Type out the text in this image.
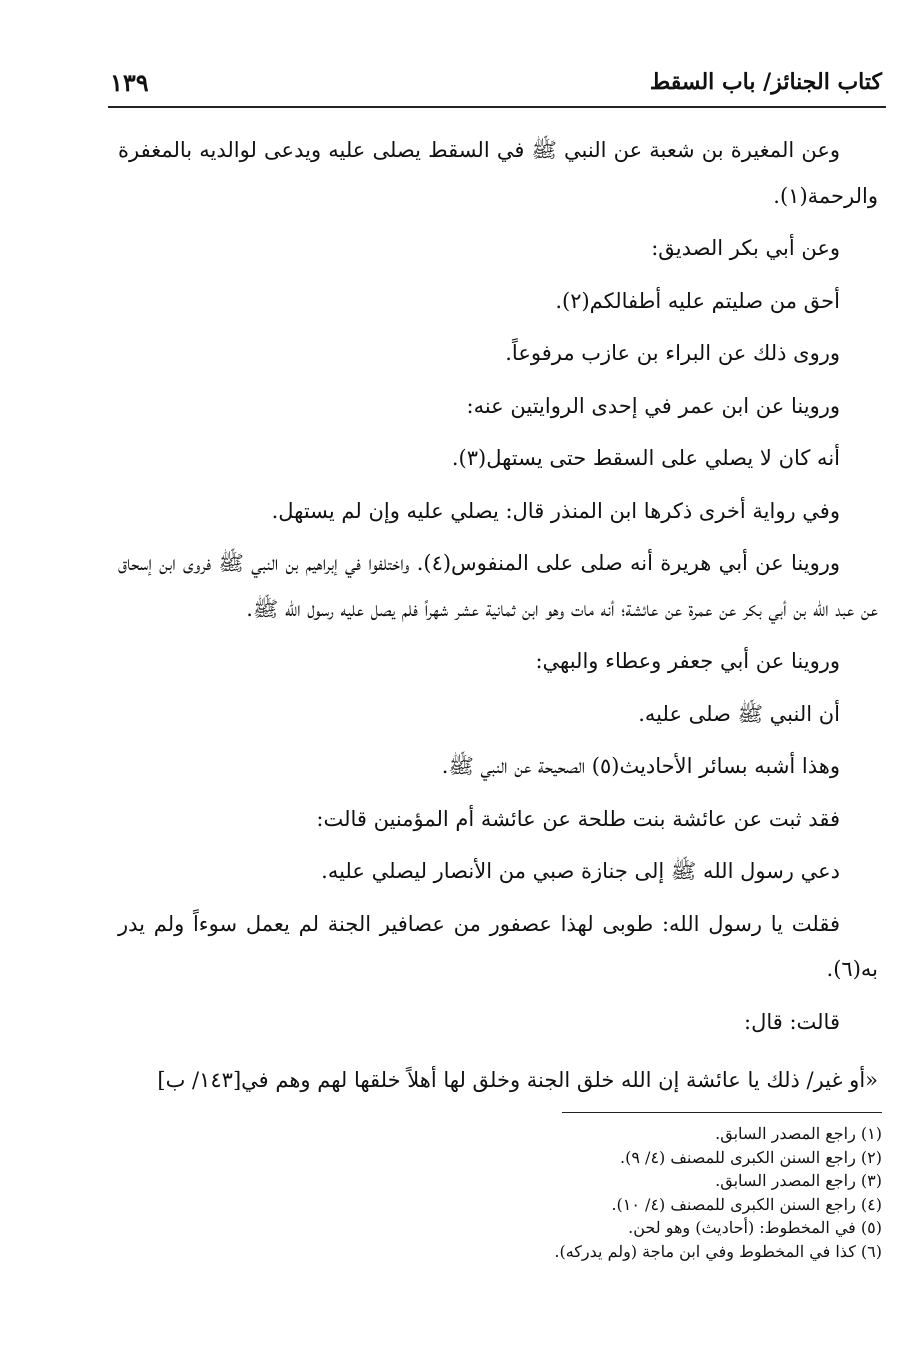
كتاب الجنائز/ باب السقط
١٣٩

وعن المغيرة بن شعبة عن النبي ﷺ في السقط يصلى عليه ويدعى لوالديه بالمغفرة والرحمة(١).

وعن أبي بكر الصديق:

أحق من صليتم عليه أطفالكم(٢).

وروى ذلك عن البراء بن عازب مرفوعاً.

وروينا عن ابن عمر في إحدى الروايتين عنه:

أنه كان لا يصلي على السقط حتى يستهل(٣).

وفي رواية أخرى ذكرها ابن المنذر قال: يصلي عليه وإن لم يستهل.

وروينا عن أبي هريرة أنه صلى على المنفوس(٤). واختلفوا في إبراهيم بن النبي ﷺ فروى ابن إسحاق عن عبد الله بن أبي بكر عن عمرة عن عائشة؛ أنه مات وهو ابن ثمانية عشر شهراً فلم يصل عليه رسول الله ﷺ.

وروينا عن أبي جعفر وعطاء والبهي:

أن النبي ﷺ صلى عليه.

وهذا أشبه بسائر الأحاديث(٥) الصحيحة عن النبي ﷺ.

فقد ثبت عن عائشة بنت طلحة عن عائشة أم المؤمنين قالت:

دعي رسول الله ﷺ إلى جنازة صبي من الأنصار ليصلي عليه.

فقلت يا رسول الله: طوبى لهذا عصفور من عصافير الجنة لم يعمل سوءاً ولم يدر به(٦).

قالت: قال:

«أو غير/ ذلك يا عائشة إن الله خلق الجنة وخلق لها أهلاً خلقها لهم وهم في[١٤٣/ ب]
(١) راجع المصدر السابق.
(٢) راجع السنن الكبرى للمصنف (٤/ ٩).
(٣) راجع المصدر السابق.
(٤) راجع السنن الكبرى للمصنف (٤/ ١٠).
(٥) في المخطوط: (أحاديث) وهو لحن.
(٦) كذا في المخطوط وفي ابن ماجة (ولم يدركه).
